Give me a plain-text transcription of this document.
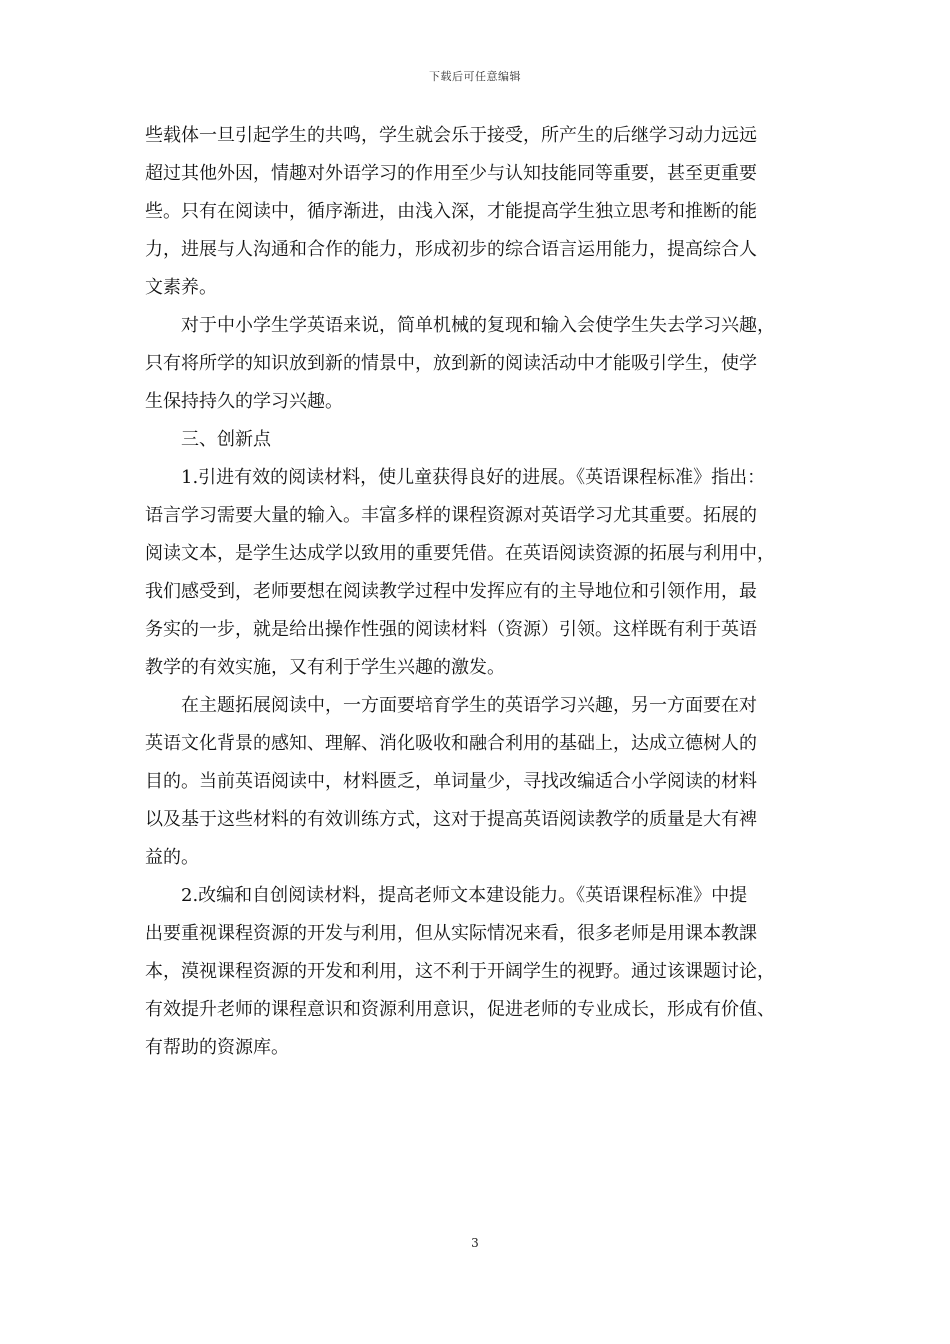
下载后可任意编辑
些载体一旦引起学生的共鸣，学生就会乐于接受，所产生的后继学习动力远远
超过其他外因，情趣对外语学习的作用至少与认知技能同等重要，甚至更重要
些。只有在阅读中，循序渐进，由浅入深，才能提高学生独立思考和推断的能
力，进展与人沟通和合作的能力，形成初步的综合语言运用能力，提高综合人
文素养。
对于中小学生学英语来说，简单机械的复现和输入会使学生失去学习兴趣，
只有将所学的知识放到新的情景中，放到新的阅读活动中才能吸引学生，使学
生保持持久的学习兴趣。
三、创新点
1.引进有效的阅读材料，使儿童获得良好的进展。《英语课程标准》指出：
语言学习需要大量的输入。丰富多样的课程资源对英语学习尤其重要。拓展的
阅读文本，是学生达成学以致用的重要凭借。在英语阅读资源的拓展与利用中，
我们感受到，老师要想在阅读教学过程中发挥应有的主导地位和引领作用，最
务实的一步，就是给出操作性强的阅读材料（资源）引领。这样既有利于英语
教学的有效实施，又有利于学生兴趣的激发。
在主题拓展阅读中，一方面要培育学生的英语学习兴趣，另一方面要在对
英语文化背景的感知、理解、消化吸收和融合利用的基础上，达成立德树人的
目的。当前英语阅读中，材料匮乏，单词量少，寻找改编适合小学阅读的材料
以及基于这些材料的有效训练方式，这对于提高英语阅读教学的质量是大有裨
益的。
2.改编和自创阅读材料，提高老师文本建设能力。《英语课程标准》中提
出要重视课程资源的开发与利用，但从实际情况来看，很多老师是用课本教課
本，漠视课程资源的开发和利用，这不利于开阔学生的视野。通过该课题讨论，
有效提升老师的课程意识和资源利用意识，促进老师的专业成长，形成有价值、
有帮助的资源库。
3
